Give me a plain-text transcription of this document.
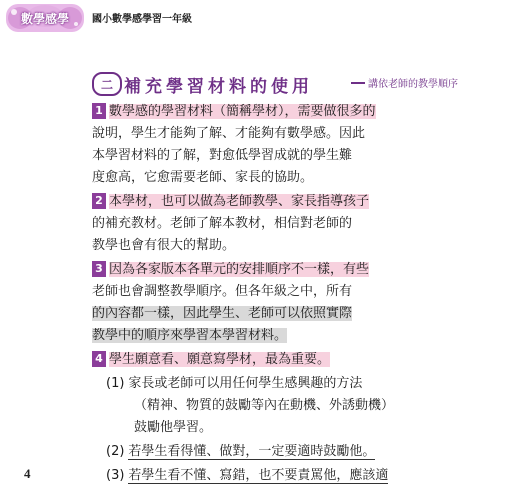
數學感學 國小數學感學習一年級
二 補充學習材料的使用	講依老師的教學順序
1 數學感的學習材料（簡稱學材），需要做很多的
說明，學生才能夠了解、才能夠有數學感。因此
本學習材料的了解，對愈低學習成就的學生難
度愈高，它愈需要老師、家長的協助。
2 本學材，也可以做為老師教學、家長指導孩子
的補充教材。老師了解本教材，相信對老師的
教學也會有很大的幫助。
3 因為各家版本各單元的安排順序不一樣，有些
老師也會調整教學順序。但各年級之中，所有
的內容都一樣，因此學生、老師可以依照實際
教學中的順序來學習本學習材料。
4 學生願意看、願意寫學材，最為重要。
(1) 家長或老師可以用任何學生感興趣的方法
（精神、物質的鼓勵等內在動機、外誘動機）
鼓勵他學習。
(2) 若學生看得懂、做對，一定要適時鼓勵他。
(3) 若學生看不懂、寫錯，也不要責罵他，應該適
4
